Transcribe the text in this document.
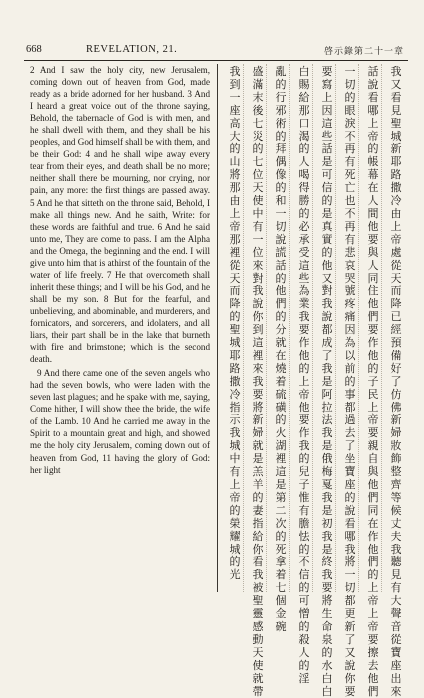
668	REVELATION, 21.	啓示錄第二十一章

2 And I saw the holy city, new Jerusalem, coming down out of heaven from God, made ready as a bride adorned for her husband. 3 And I heard a great voice out of the throne saying, Behold, the tabernacle of God is with men, and he shall dwell with them, and they shall be his peoples, and God himself shall be with them, and be their God: 4 and he shall wipe away every tear from their eyes, and death shall be no more; neither shall there be mourning, nor crying, nor pain, any more: the first things are passed away. 5 And he that sitteth on the throne said, Behold, I make all things new. And he saith, Write: for these words are faithful and true. 6 And he said unto me, They are come to pass. I am the Alpha and the Omega, the beginning and the end. I will give unto him that is athirst of the fountain of the water of life freely. 7 He that overcometh shall inherit these things; and I will be his God, and he shall be my son. 8 But for the fearful, and unbelieving, and abominable, and murderers, and fornicators, and sorcerers, and idolaters, and all liars, their part shall be in the lake that burneth with fire and brimstone; which is the second death.

9 And there came one of the seven angels who had the seven bowls, who were laden with the seven last plagues; and he spake with me, saying, Come hither, I will show thee the bride, the wife of the Lamb. 10 And he carried me away in the Spirit to a mountain great and high, and showed me the holy city Jerusalem, coming down out of heaven from God, 11 having the glory of God: her light

我又看見聖城新耶路撒冷由上帝處從天而降已經預備好了仿佛新婦妝飾整齊等候丈夫我聽見有大聲音從寶座出來
話說看哪上帝的帳幕在人間他要與人同住他們要作他的子民上帝要親自與他們同在作他們的上帝上帝要擦去他們
一切的眼淚不再有死亡也不再有悲哀哭號疼痛因為以前的事都過去了坐寶座的說看哪我將一切都更新了又說你要
要寫上因這些話是可信的是真實的他又對我說都成了我是阿拉法我是俄梅戛我是初我是終我要將生命泉的水白白
白賜給那口渴的人喝得勝的必承受這些為業我要作他的上帝他要作我的兒子惟有膽怯的不信的可憎的殺人的淫
亂的行邪術的拜偶像的和一切說謊話的他們的分就在燒着硫磺的火湖裡這是第二次的死拿着七個金碗
盛滿末後七災的七位天使中有一位來對我說你到這裡來我要將新婦就是羔羊的妻指給你看我被聖靈感動天使就帶
我到一座高大的山將那由上帝那裡從天而降的聖城耶路撒冷指示我城中有上帝的榮耀城的光
